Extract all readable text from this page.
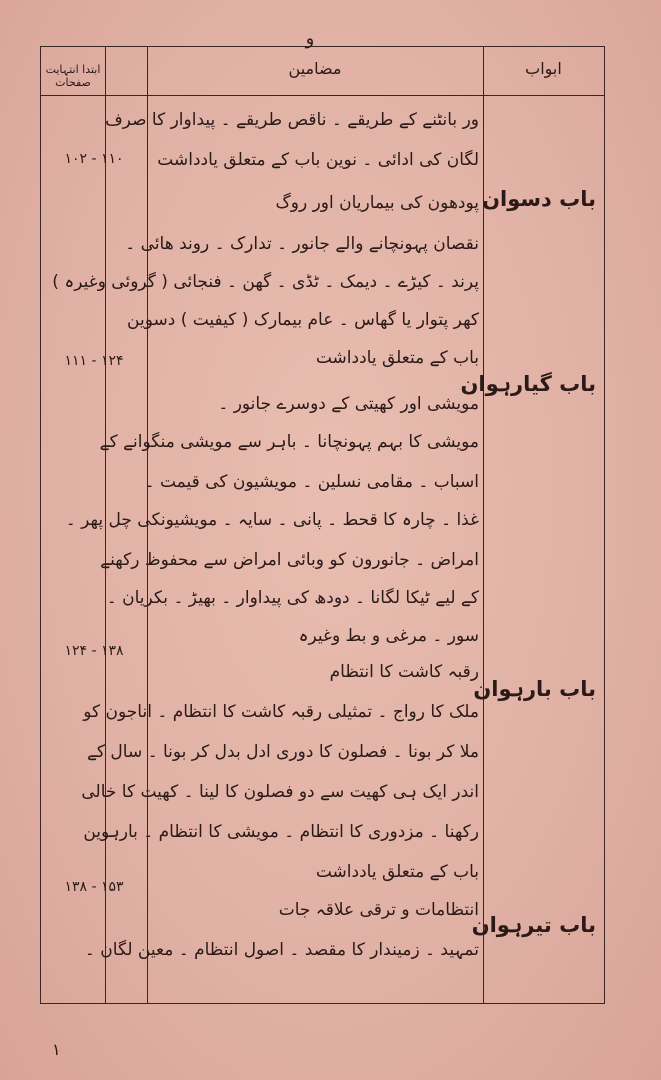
و
ابواب
مضامین
ابتدا انتہایت صفحات
باب دسوان
باب گیارہوان
باب بارہوان
باب تیرہوان
ور بانٹنے کے طریقے ۔ ناقص طریقے ۔ پیداوار کا صرف
لگان کی ادائی ۔ نوین باب کے متعلق یادداشت
پودھون کی بیماریان اور روگ
نقصان پہونچانے والے جانور ۔ تدارک ۔ روند ھائی ۔
پرند ۔ کیڑے ۔ دیمک ۔ ٹڈی ۔ گھن ۔ فنجائی ( گروئی وغیرہ )
کھر پتوار یا گھاس ۔ عام بیمارک ( کیفیت ) دسوین
باب کے متعلق یادداشت
مویشی اور کھیتی کے دوسرے جانور ۔
مویشی کا بہم پہونچانا ۔ باہر سے مویشی منگوانے کے
اسباب ۔ مقامی نسلین ۔ مویشیون کی قیمت ۔
غذا ۔ چارہ کا قحط ۔ پانی ۔ سایہ ۔ مویشیونکی چل پھر ۔
امراض ۔ جانورون کو وبائی امراض سے محفوظ رکھنے
کے لیے ٹیکا لگانا ۔ دودھ کی پیداوار ۔ بھیڑ ۔ بکریان ۔
سور ۔ مرغی و بط وغیرہ
رقبہ کاشت کا انتظام
ملک کا رواج ۔ تمثیلی رقبہ کاشت کا انتظام ۔ اناجون کو
ملا کر بونا ۔ فصلون کا دوری ادل بدل کر بونا ۔ سال کے
اندر ایک ہی کھیت سے دو فصلون کا لینا ۔ کھیت کا خالی
رکھنا ۔ مزدوری کا انتظام ۔ مویشی کا انتظام ۔ بارہوین
باب کے متعلق یادداشت
انتظامات و ترقی علاقہ جات
تمہید ۔ زمیندار کا مقصد ۔ اصول انتظام ۔ معین لگان ۔
۱۰۲ - ۱۱۰
۱۱۱ - ۱۲۴
۱۲۴ - ۱۳۸
۱۳۸ - ۱۵۳
۱
